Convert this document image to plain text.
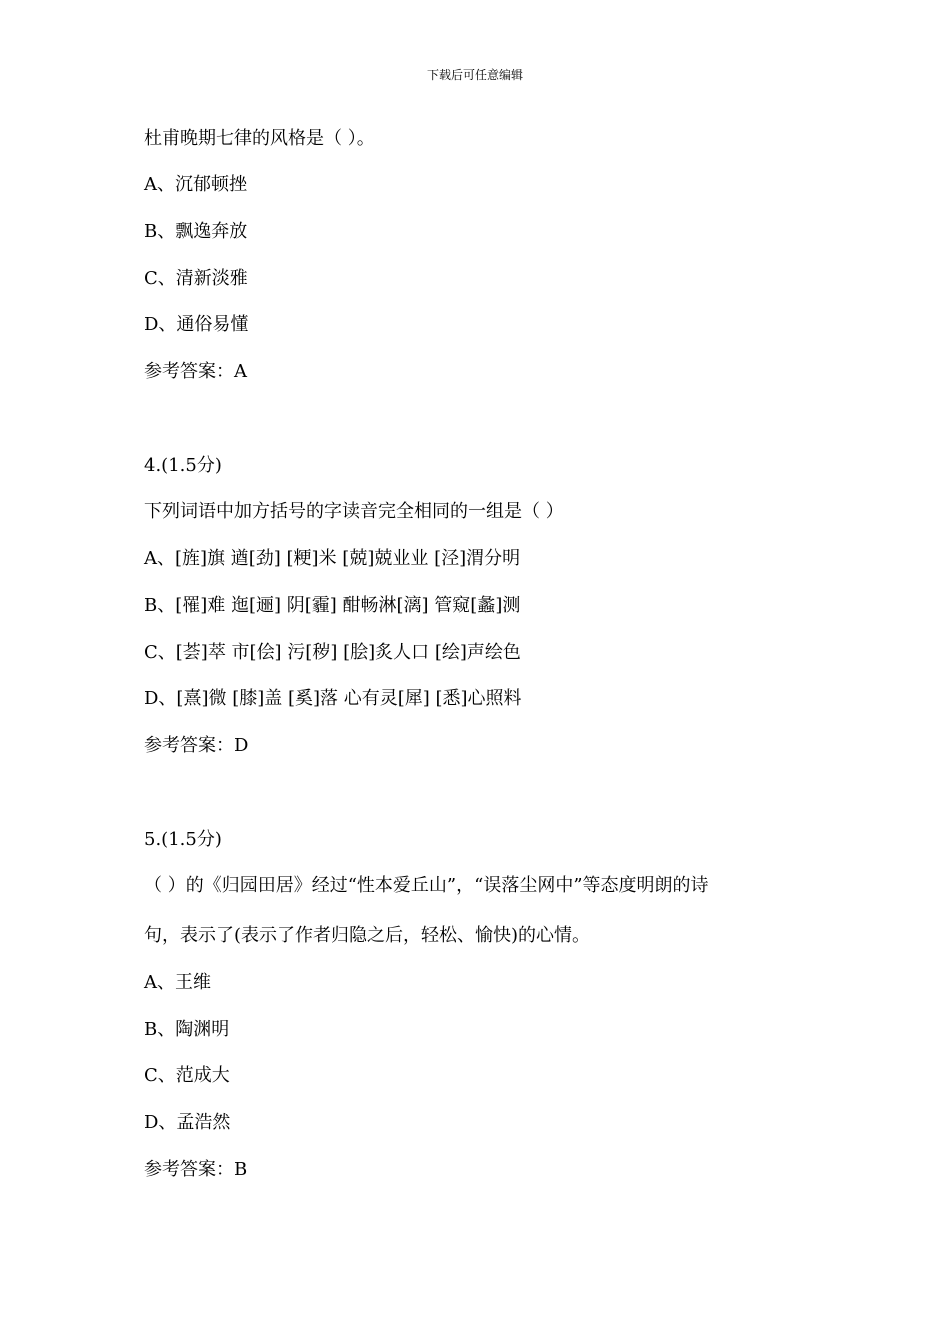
下载后可任意编辑
杜甫晚期七律的风格是（ ）。
A、沉郁顿挫
B、飘逸奔放
C、清新淡雅
D、通俗易懂
参考答案：A
4.(1.5分)
下列词语中加方括号的字读音完全相同的一组是（ ）
A、[旌]旗 遒[劲] [粳]米 [兢]兢业业 [泾]渭分明
B、[罹]难 迤[逦] 阴[霾] 酣畅淋[漓] 管窥[蠡]测
C、[荟]萃 市[侩] 污[秽] [脍]炙人口 [绘]声绘色
D、[熹]微 [膝]盖 [奚]落 心有灵[犀] [悉]心照料
参考答案：D
5.(1.5分)
（ ）的《归园田居》经过“性本爱丘山”，“误落尘网中”等态度明朗的诗
句，表示了(表示了作者归隐之后，轻松、愉快)的心情。
A、王维
B、陶渊明
C、范成大
D、孟浩然
参考答案：B
